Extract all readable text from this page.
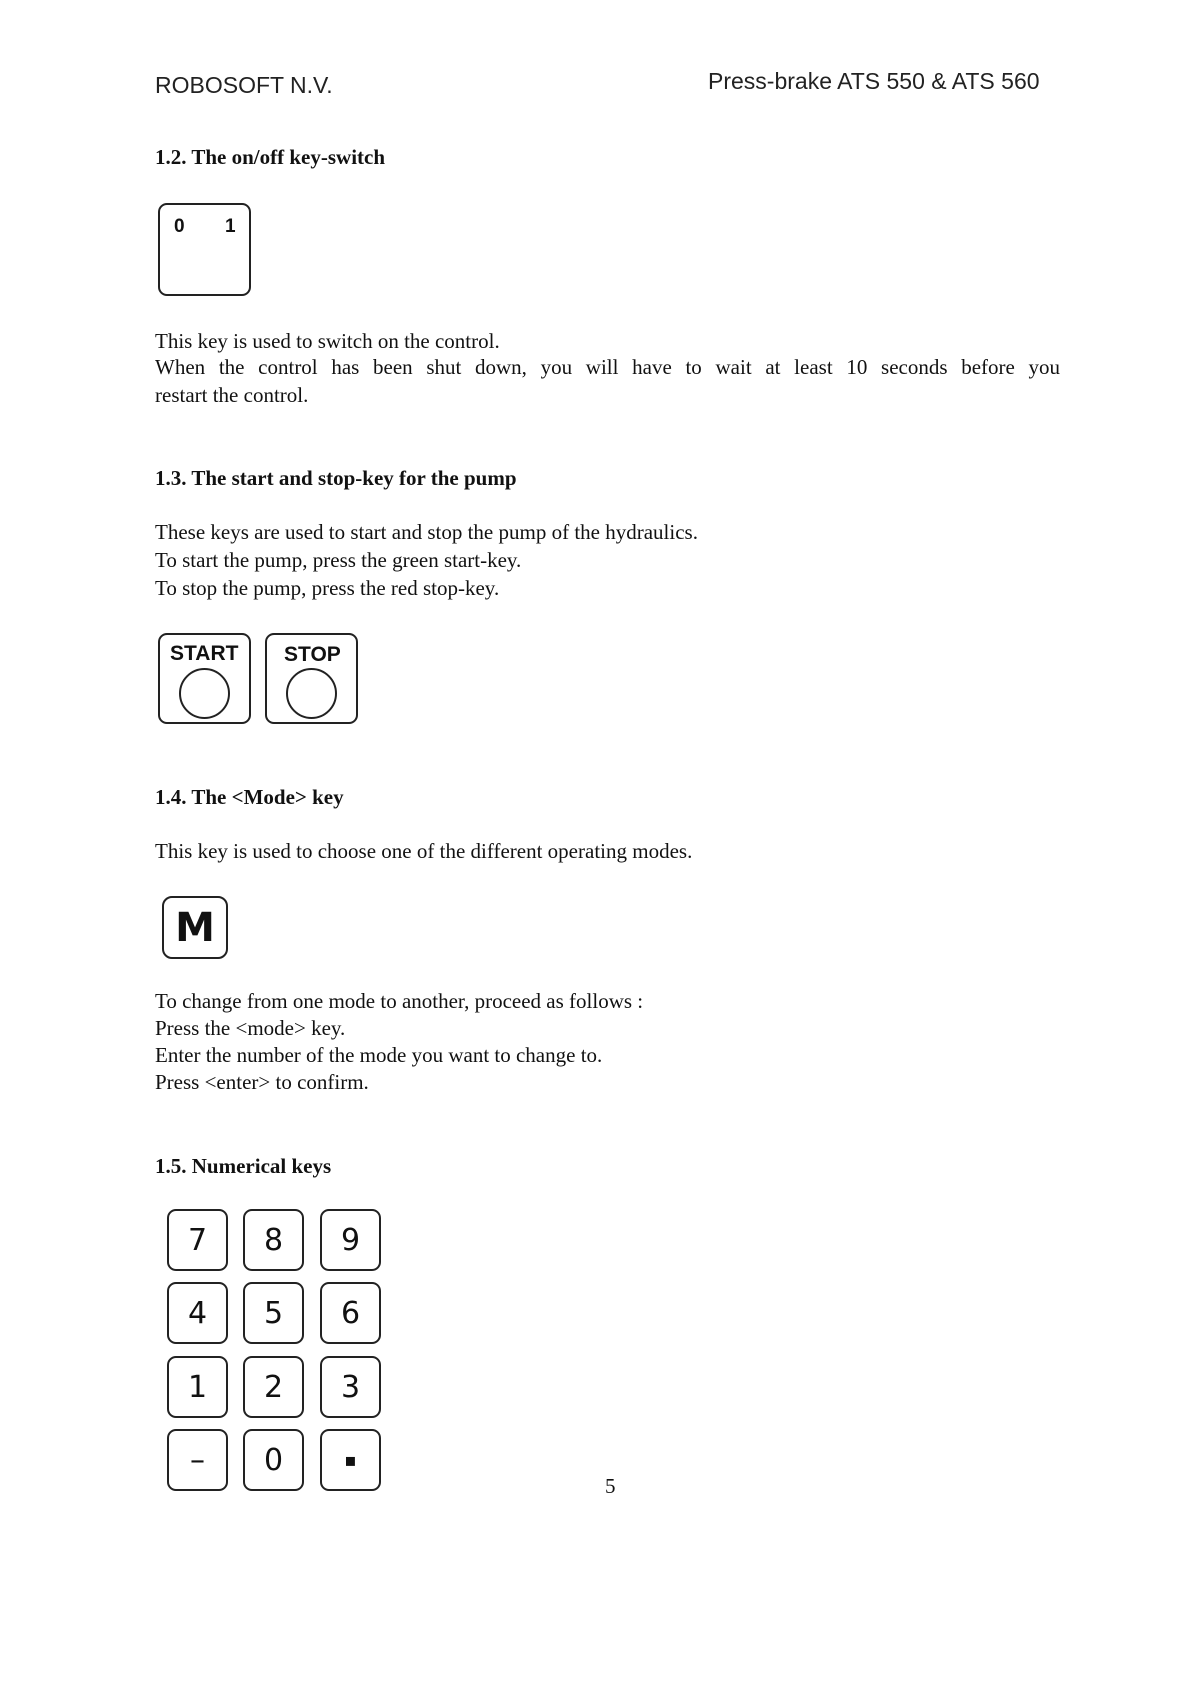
ROBOSOFT N.V.	Press-brake ATS 550 & ATS 560
1.2. The on/off key-switch
0 1
This key is used to switch on the control.
When the control has been shut down, you will have to wait at least 10 seconds before you
restart the control.
1.3. The start and stop-key for the pump
These keys are used to start and stop the pump of the hydraulics.
To start the pump, press the green start-key.
To stop the pump, press the red stop-key.
START STOP
1.4. The <Mode> key
This key is used to choose one of the different operating modes.
M
To change from one mode to another, proceed as follows :
Press the <mode> key.
Enter the number of the mode you want to change to.
Press <enter> to confirm.
1.5. Numerical keys
7	8	9
4	5	6
1	2	3
–	0	▪
5
